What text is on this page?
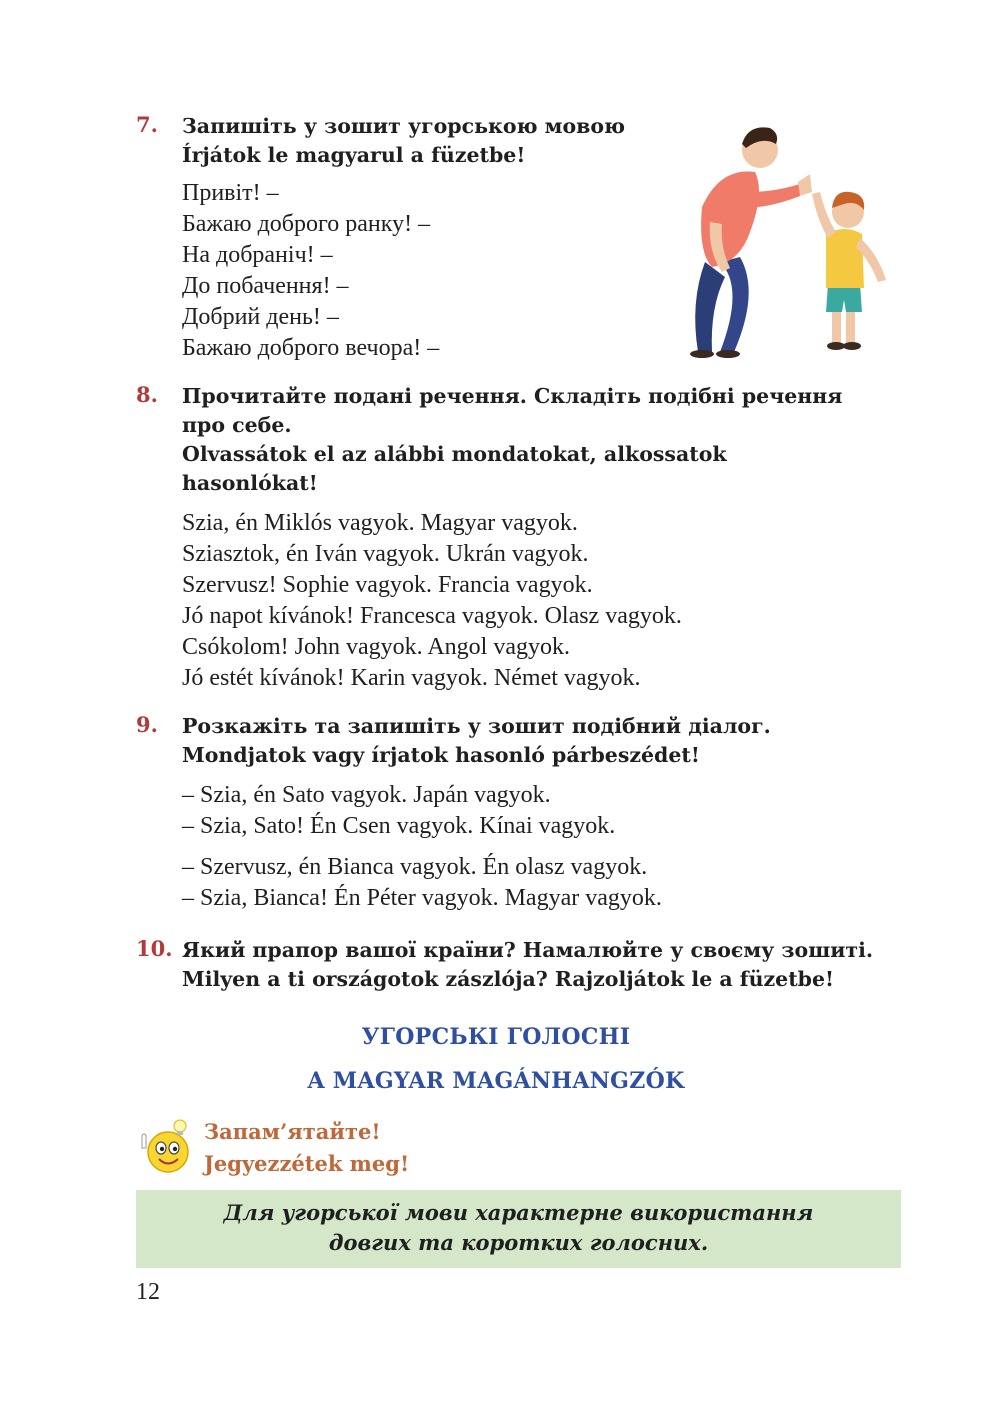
7. Запишіть у зошит угорською мовою

Írjátok le magyarul a füzetbe!

Привіт! –
Бажаю доброго ранку! –
На добраніч! –
До побачення! –
Добрий день! –
Бажаю доброго вечора! –
8. Прочитайте подані речення. Складіть подібні речення

про себе.

Olvassátok el az alábbi mondatokat, alkossatok

hasonlókat!

Szia, én Miklós vagyok. Magyar vagyok.
Sziasztok, én Iván vagyok. Ukrán vagyok.
Szervusz! Sophie vagyok. Francia vagyok.
Jó napot kívánok! Francesca vagyok. Olasz vagyok.
Csókolom! John vagyok. Angol vagyok.
Jó estét kívánok! Karin vagyok. Német vagyok.
9. Розкажіть та запишіть у зошит подібний діалог.

Mondjatok vagy írjatok hasonló párbeszédet!

– Szia, én Sato vagyok. Japán vagyok.
– Szia, Sato! Én Csen vagyok. Kínai vagyok.
– Szervusz, én Bianca vagyok. Én olasz vagyok.
– Szia, Bianca! Én Péter vagyok. Magyar vagyok.
10. Який прапор вашої країни? Намалюйте у своєму зошиті.

Milyen a ti országotok zászlója? Rajzoljátok le a füzetbe!

УГОРСЬКІ ГОЛОСНІ
A MAGYAR MAGÁNHANGZÓK
Запам’ятайте!
Jegyezzétek meg!
Для угорської мови характерне використання
довгих та коротких голосних.
12
